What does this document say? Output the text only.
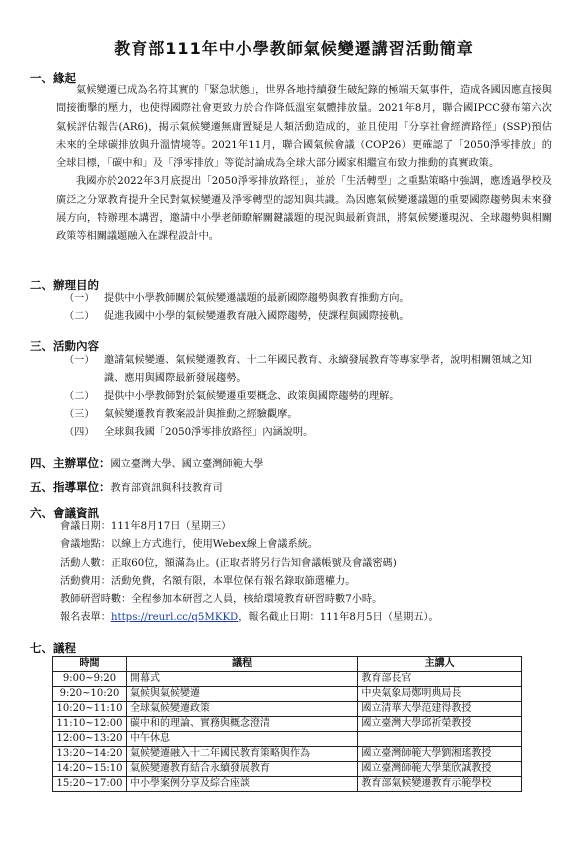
教育部111年中小學教師氣候變遷講習活動簡章
一、緣起

氣候變遷已成為名符其實的「緊急狀態」，世界各地持續發生破紀錄的極端天氣事件，造成各國因應直接與間接衝擊的壓力，也使得國際社會更致力於合作降低溫室氣體排放量。2021年8月，聯合國IPCC發布第六次氣候評估報告(AR6)，揭示氣候變遷無庸置疑是人類活動造成的，並且使用「分享社會經濟路徑」(SSP)預估未來的全球碳排放與升溫情境等。2021年11月，聯合國氣候會議（COP26）更確認了「2050淨零排放」的全球目標，「碳中和」及「淨零排放」等從討論成為全球大部分國家相繼宣布致力推動的真實政策。

我國亦於2022年3月底提出「2050淨零排放路徑」，並於「生活轉型」之重點策略中強調，應透過學校及廣泛之分眾教育提升全民對氣候變遷及淨零轉型的認知與共識。為因應氣候變遷議題的重要國際趨勢與未來發展方向，特辦理本講習，邀請中小學老師瞭解關鍵議題的現況與最新資訊，將氣候變遷現況、全球趨勢與相關政策等相關議題融入在課程設計中。

二、辦理目的
（一） 提供中小學教師關於氣候變遷議題的最新國際趨勢與教育推動方向。
（二） 促進我國中小學的氣候變遷教育融入國際趨勢，使課程與國際接軌。
三、活動內容
（一） 邀請氣候變遷、氣候變遷教育、十二年國民教育、永續發展教育等專家學者，說明相關領域之知識、應用與國際最新發展趨勢。
（二） 提供中小學教師對於氣候變遷重要概念、政策與國際趨勢的理解。
（三） 氣候變遷教育教案設計與推動之經驗觀摩。
（四） 全球與我國「2050淨零排放路徑」內涵說明。
四、主辦單位：國立臺灣大學、國立臺灣師範大學
五、指導單位：教育部資訊與科技教育司
六、會議資訊
會議日期：111年8月17日（星期三）
會議地點：以線上方式進行，使用Webex線上會議系統。
活動人數：正取60位，額滿為止。(正取者將另行告知會議帳號及會議密碼)
活動費用：活動免費，名額有限，本單位保有報名錄取篩選權力。
教師研習時數：全程參加本研習之人員，核給環境教育研習時數7小時。
報名表單：https://reurl.cc/q5MKKD，報名截止日期：111年8月5日（星期五）。
七、議程
時間	議程	主講人
9:00~9:20	開幕式	教育部長官
9:20~10:20	氣候與氣候變遷	中央氣象局鄭明典局長
10:20~11:10	全球氣候變遷政策	國立清華大學范建得教授
11:10~12:00	碳中和的理論、實務與概念澄清	國立臺灣大學邱祈榮教授
12:00~13:20	中午休息	
13:20~14:20	氣候變遷融入十二年國民教育策略與作為	國立臺灣師範大學劉湘瑤教授
14:20~15:10	氣候變遷教育結合永續發展教育	國立臺灣師範大學葉欣誠教授
15:20~17:00	中小學案例分享及綜合座談	教育部氣候變遷教育示範學校
